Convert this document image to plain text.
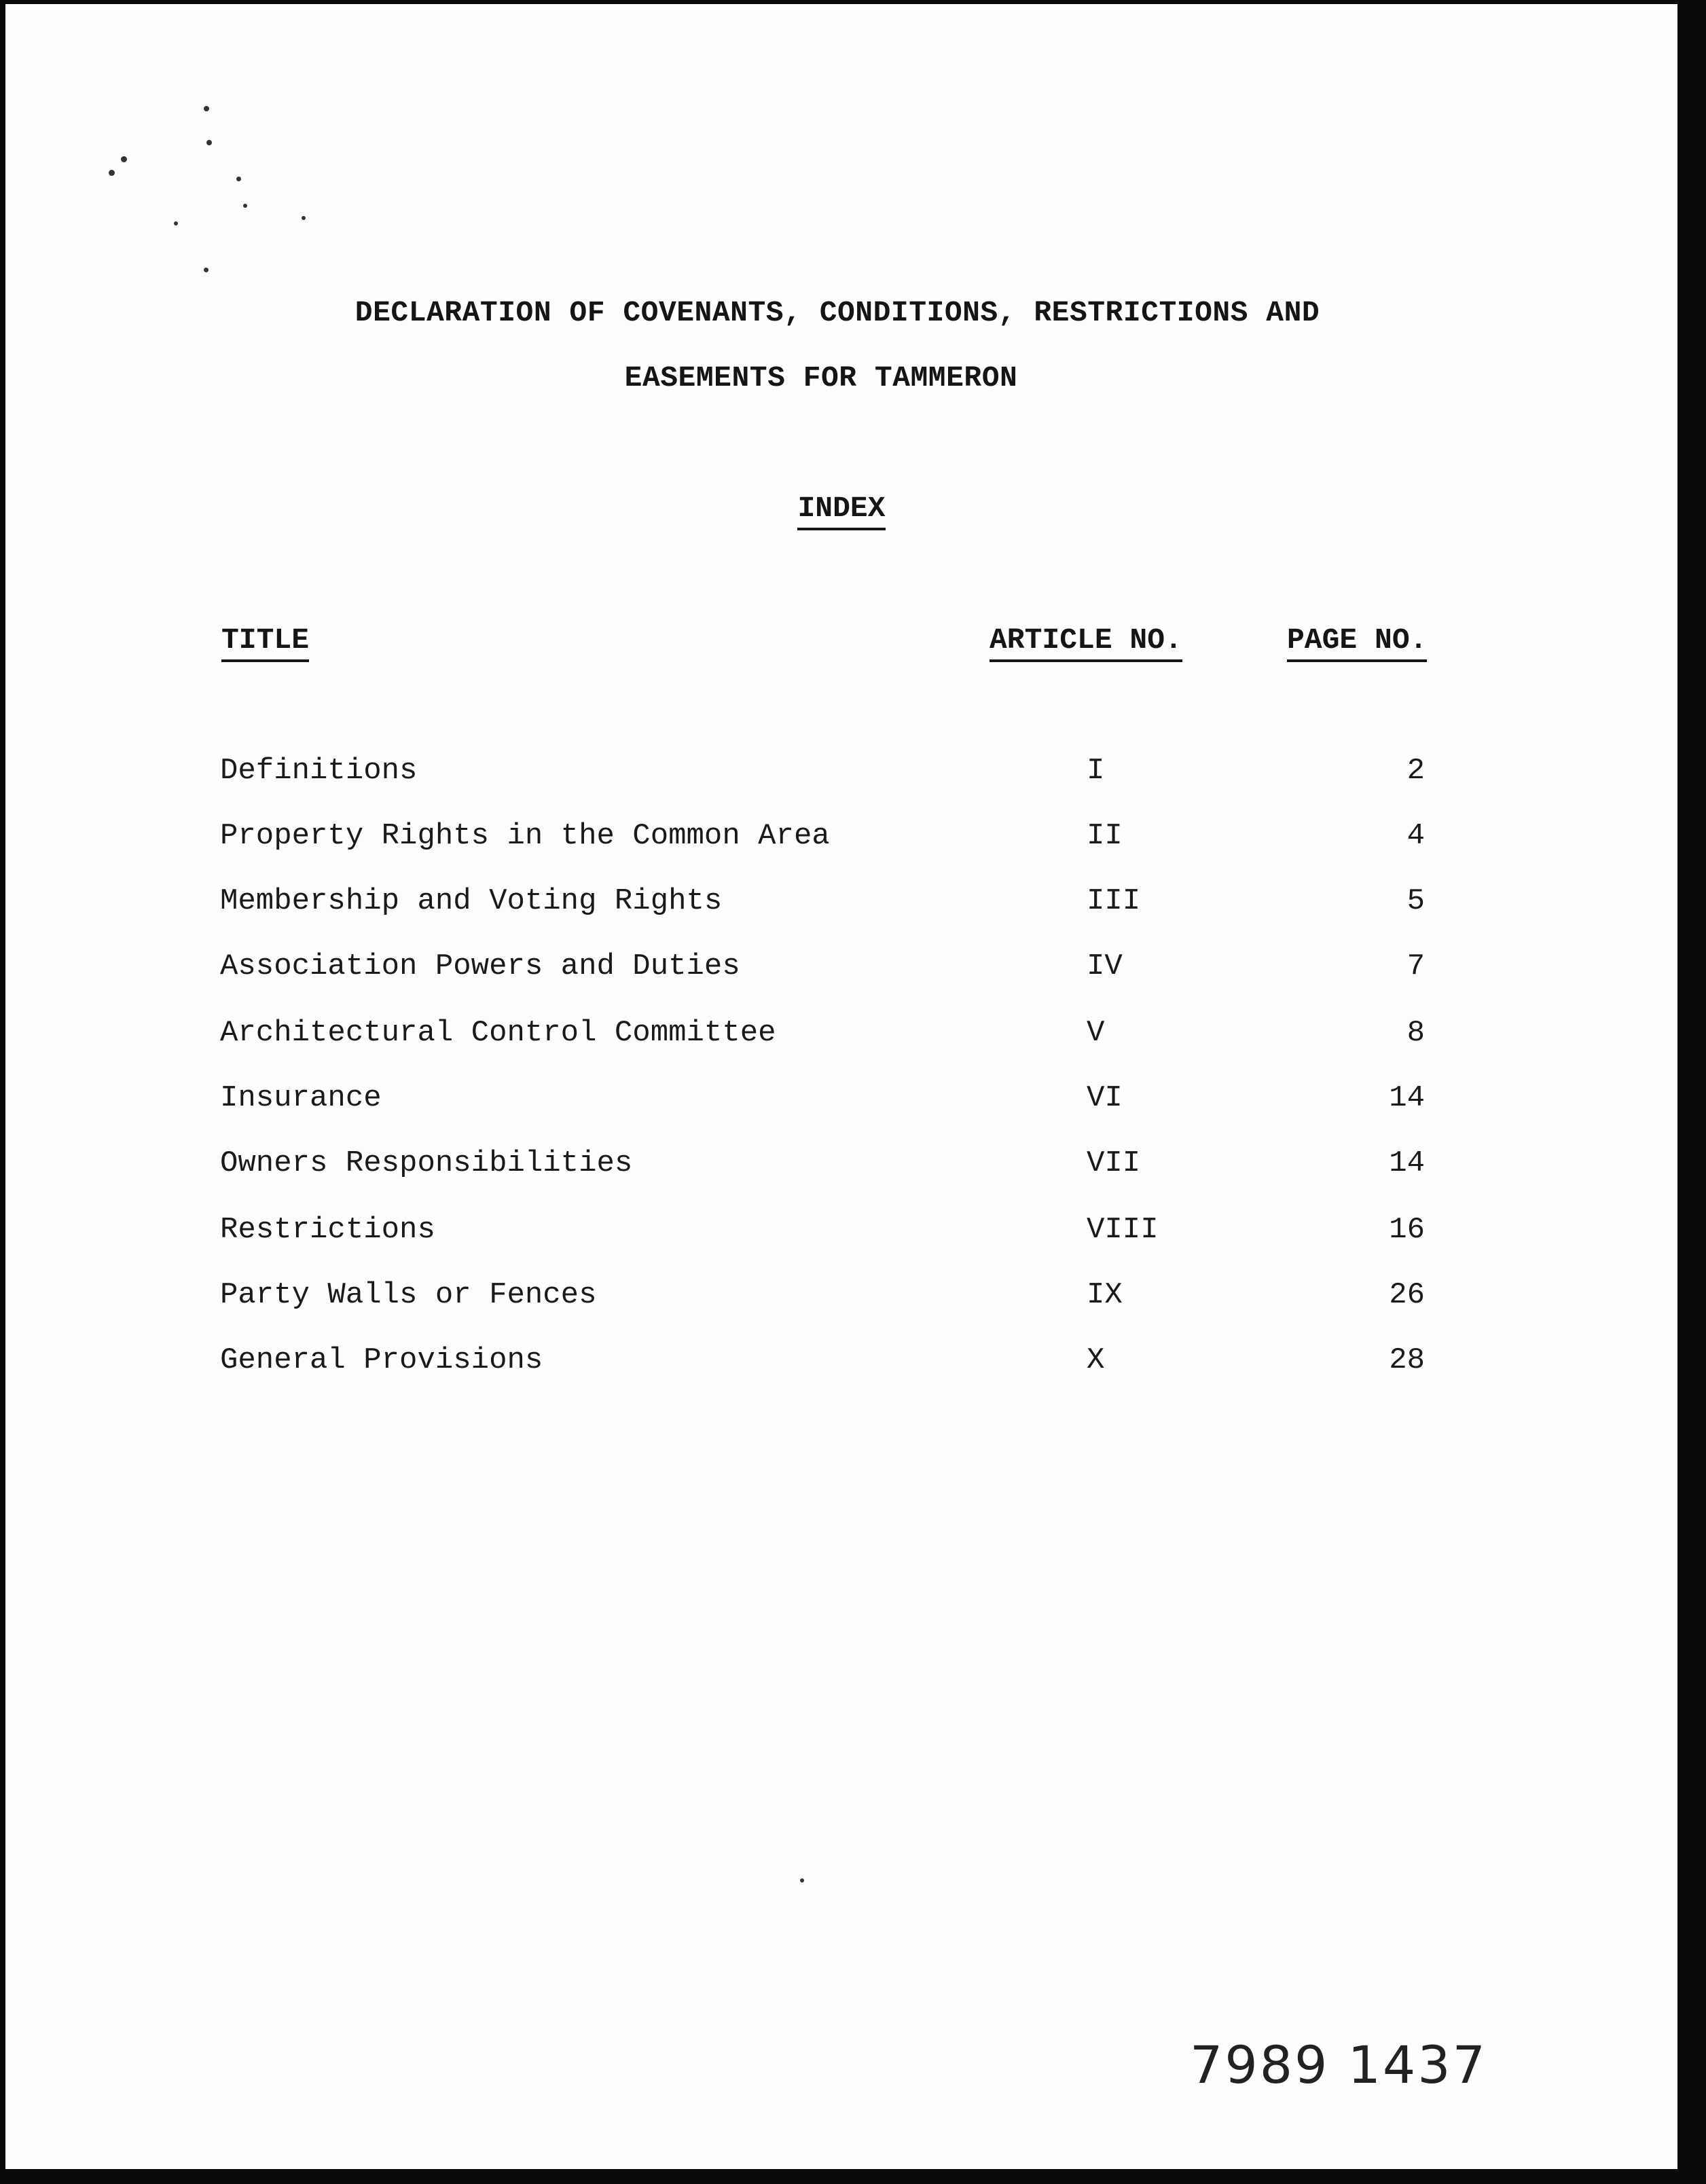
DECLARATION OF COVENANTS, CONDITIONS, RESTRICTIONS AND
EASEMENTS FOR TAMMERON
INDEX
TITLE	ARTICLE NO.	PAGE NO.
Definitions	I	2
Property Rights in the Common Area	II	4
Membership and Voting Rights	III	5
Association Powers and Duties	IV	7
Architectural Control Committee	V	8
Insurance	VI	14
Owners Responsibilities	VII	14
Restrictions	VIII	16
Party Walls or Fences	IX	26
General Provisions	X	28
7989 1437
